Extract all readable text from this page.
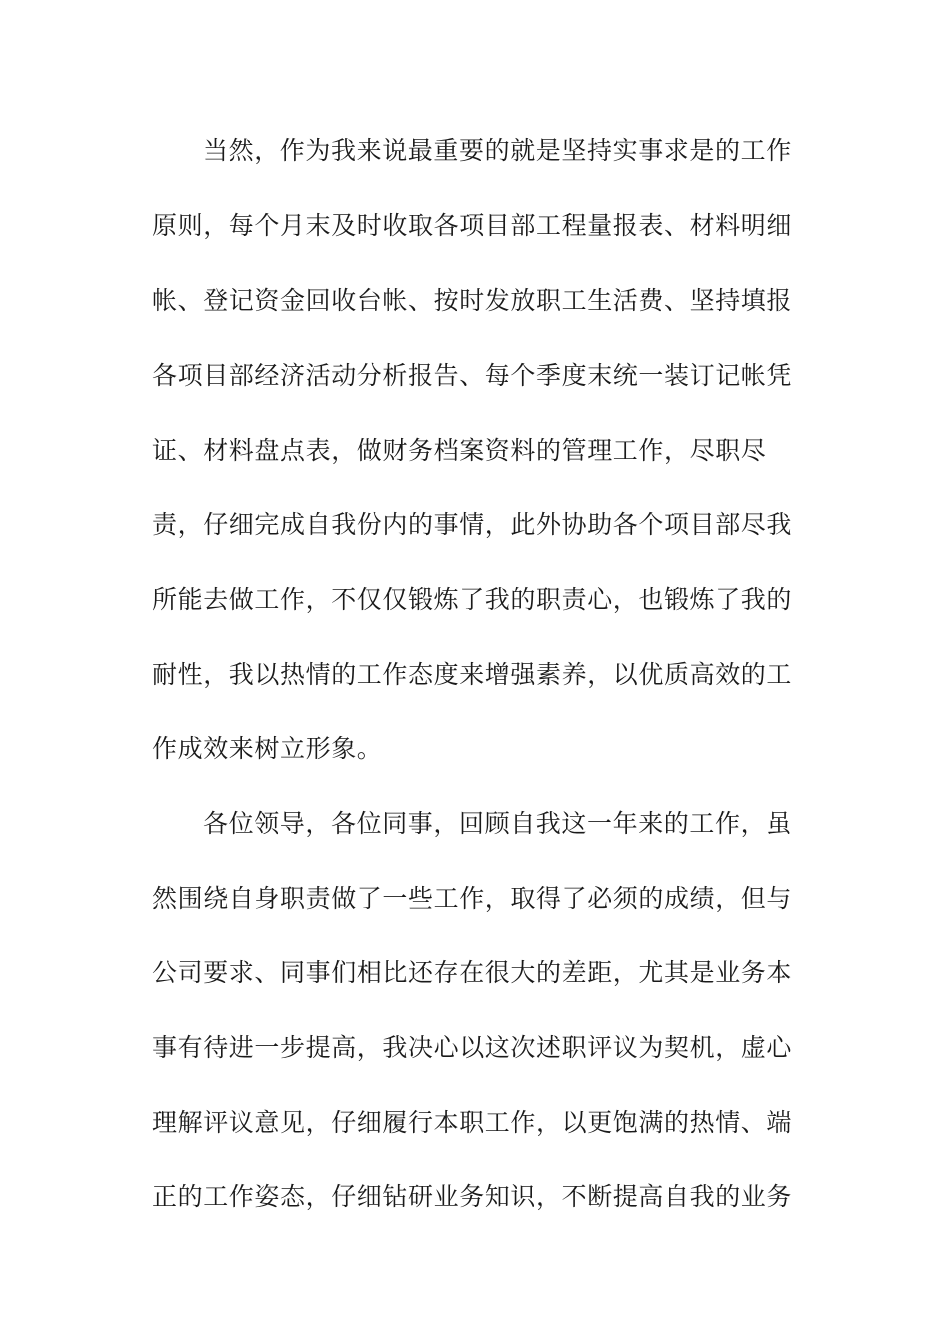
当然，作为我来说最重要的就是坚持实事求是的工作
原则，每个月末及时收取各项目部工程量报表、材料明细
帐、登记资金回收台帐、按时发放职工生活费、坚持填报
各项目部经济活动分析报告、每个季度末统一装订记帐凭
证、材料盘点表，做财务档案资料的管理工作，尽职尽
责，仔细完成自我份内的事情，此外协助各个项目部尽我
所能去做工作，不仅仅锻炼了我的职责心，也锻炼了我的
耐性，我以热情的工作态度来增强素养，以优质高效的工
作成效来树立形象。
各位领导，各位同事，回顾自我这一年来的工作，虽
然围绕自身职责做了一些工作，取得了必须的成绩，但与
公司要求、同事们相比还存在很大的差距，尤其是业务本
事有待进一步提高，我决心以这次述职评议为契机，虚心
理解评议意见，仔细履行本职工作，以更饱满的热情、端
正的工作姿态，仔细钻研业务知识，不断提高自我的业务
